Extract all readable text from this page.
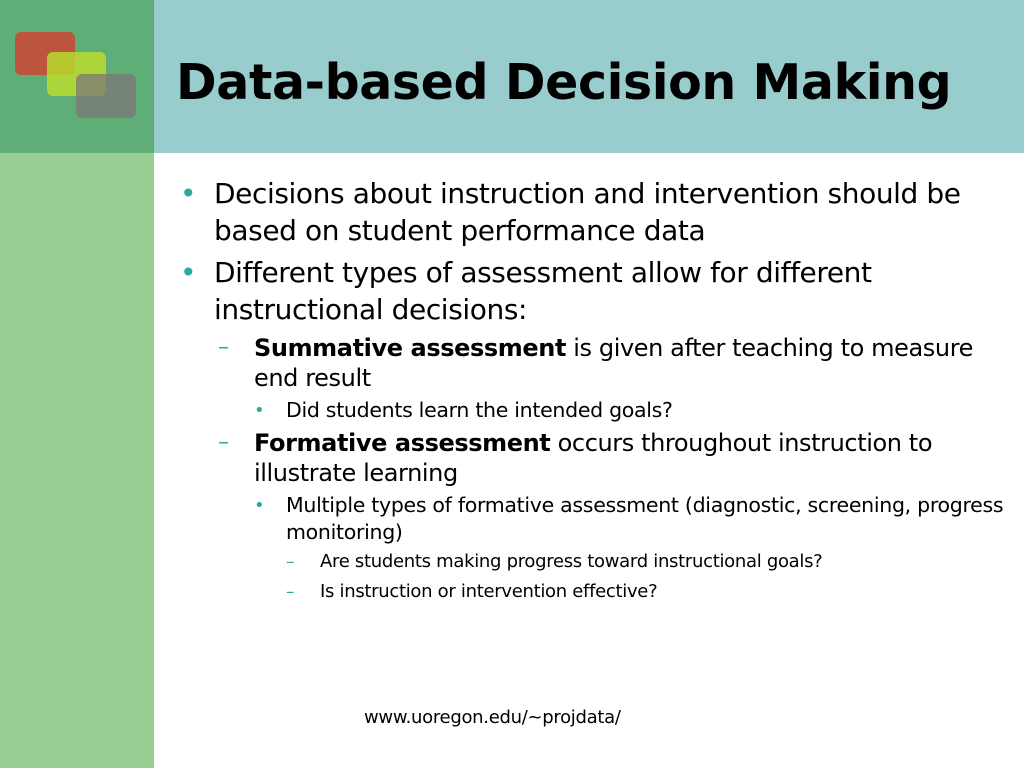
Data-based Decision Making

• Decisions about instruction and intervention should be based on student performance data

• Different types of assessment allow for different instructional decisions:

– Summative assessment is given after teaching to measure end result

• Did students learn the intended goals?

– Formative assessment occurs throughout instruction to illustrate learning

• Multiple types of formative assessment (diagnostic, screening, progress monitoring)

– Are students making progress toward instructional goals?

– Is instruction or intervention effective?

www.uoregon.edu/~projdata/
